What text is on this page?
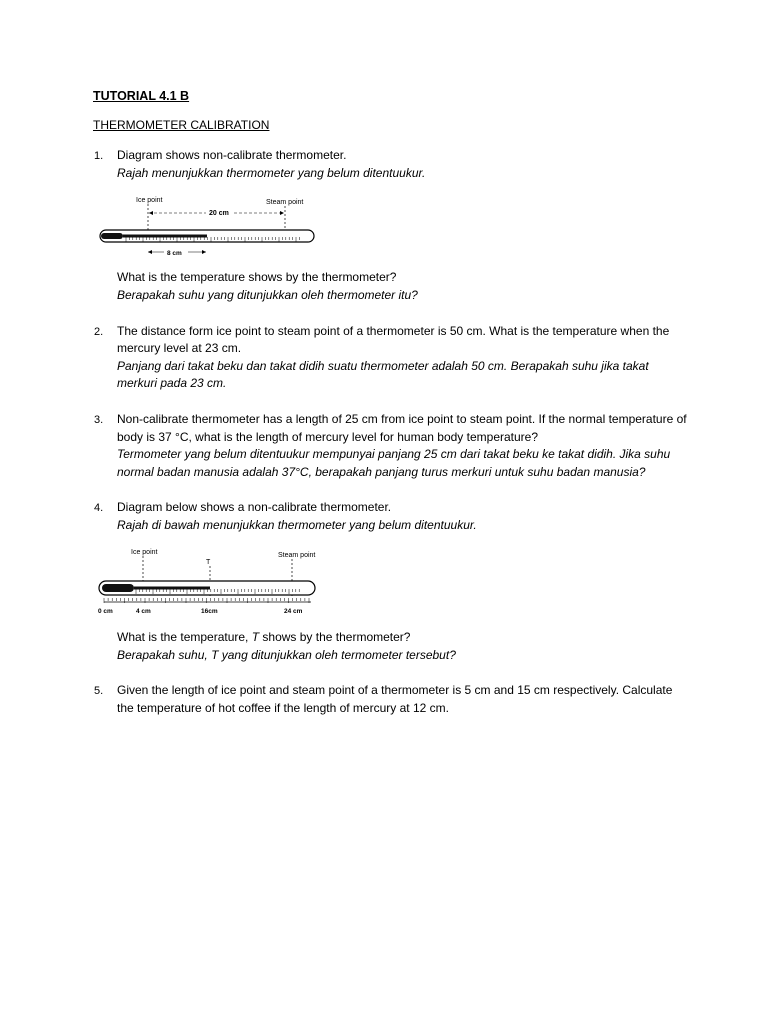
TUTORIAL 4.1 B
THERMOMETER CALIBRATION
1. Diagram shows non-calibrate thermometer.
Rajah menunjukkan thermometer yang belum ditentuukur.
Ice point	Steam point
20 cm
8 cm
What is the temperature shows by the thermometer?
Berapakah suhu yang ditunjukkan oleh thermometer itu?
2. The distance form ice point to steam point of a thermometer is 50 cm. What is the temperature when the
mercury level at 23 cm.
Panjang dari takat beku dan takat didih suatu thermometer adalah 50 cm. Berapakah suhu jika takat
merkuri pada 23 cm.
3. Non-calibrate thermometer has a length of 25 cm from ice point to steam point. If the normal temperature of
body is 37 °C, what is the length of mercury level for human body temperature?
Termometer yang belum ditentuukur mempunyai panjang 25 cm dari takat beku ke takat didih. Jika suhu
normal badan manusia adalah 37°C, berapakah panjang turus merkuri untuk suhu badan manusia?
4. Diagram below shows a non-calibrate thermometer.
Rajah di bawah menunjukkan thermometer yang belum ditentuukur.
Ice point
T
Steam point
0 cm	4 cm	16cm	24 cm
What is the temperature, T shows by the thermometer?
Berapakah suhu, T yang ditunjukkan oleh termometer tersebut?
5. Given the length of ice point and steam point of a thermometer is 5 cm and 15 cm respectively. Calculate
the temperature of hot coffee if the length of mercury at 12 cm.
